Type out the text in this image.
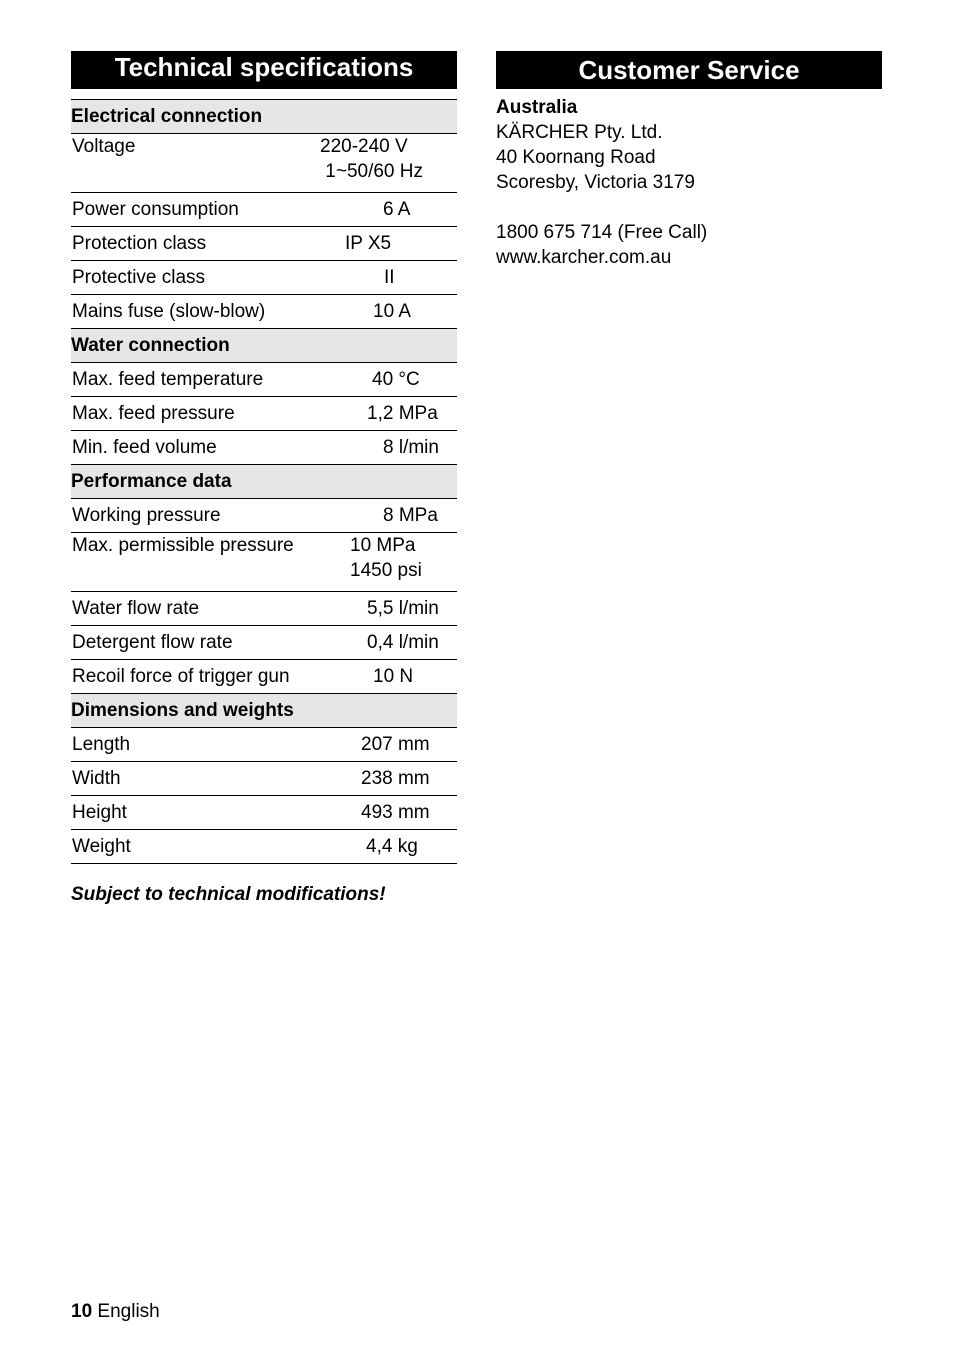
Technical specifications	Customer Service
Electrical connection	
Voltage	220-240 V
1~50/60 Hz
Power consumption	6 A
Protection class	IP X5
Protective class	II
Mains fuse (slow-blow)	10 A
Water connection	
Max. feed temperature	40 °C
Max. feed pressure	1,2 MPa
Min. feed volume	8 l/min
Performance data	
Working pressure	8 MPa
Max. permissible pressure	10 MPa
1450 psi
Water flow rate	5,5 l/min
Detergent flow rate	0,4 l/min
Recoil force of trigger gun	10 N
Dimensions and weights	
Length	207 mm
Width	238 mm
Height	493 mm
Weight	4,4 kg
Subject to technical modifications!
Australia
KÄRCHER Pty. Ltd.
40 Koornang Road
Scoresby, Victoria 3179
1800 675 714 (Free Call)
www.karcher.com.au
10 English
